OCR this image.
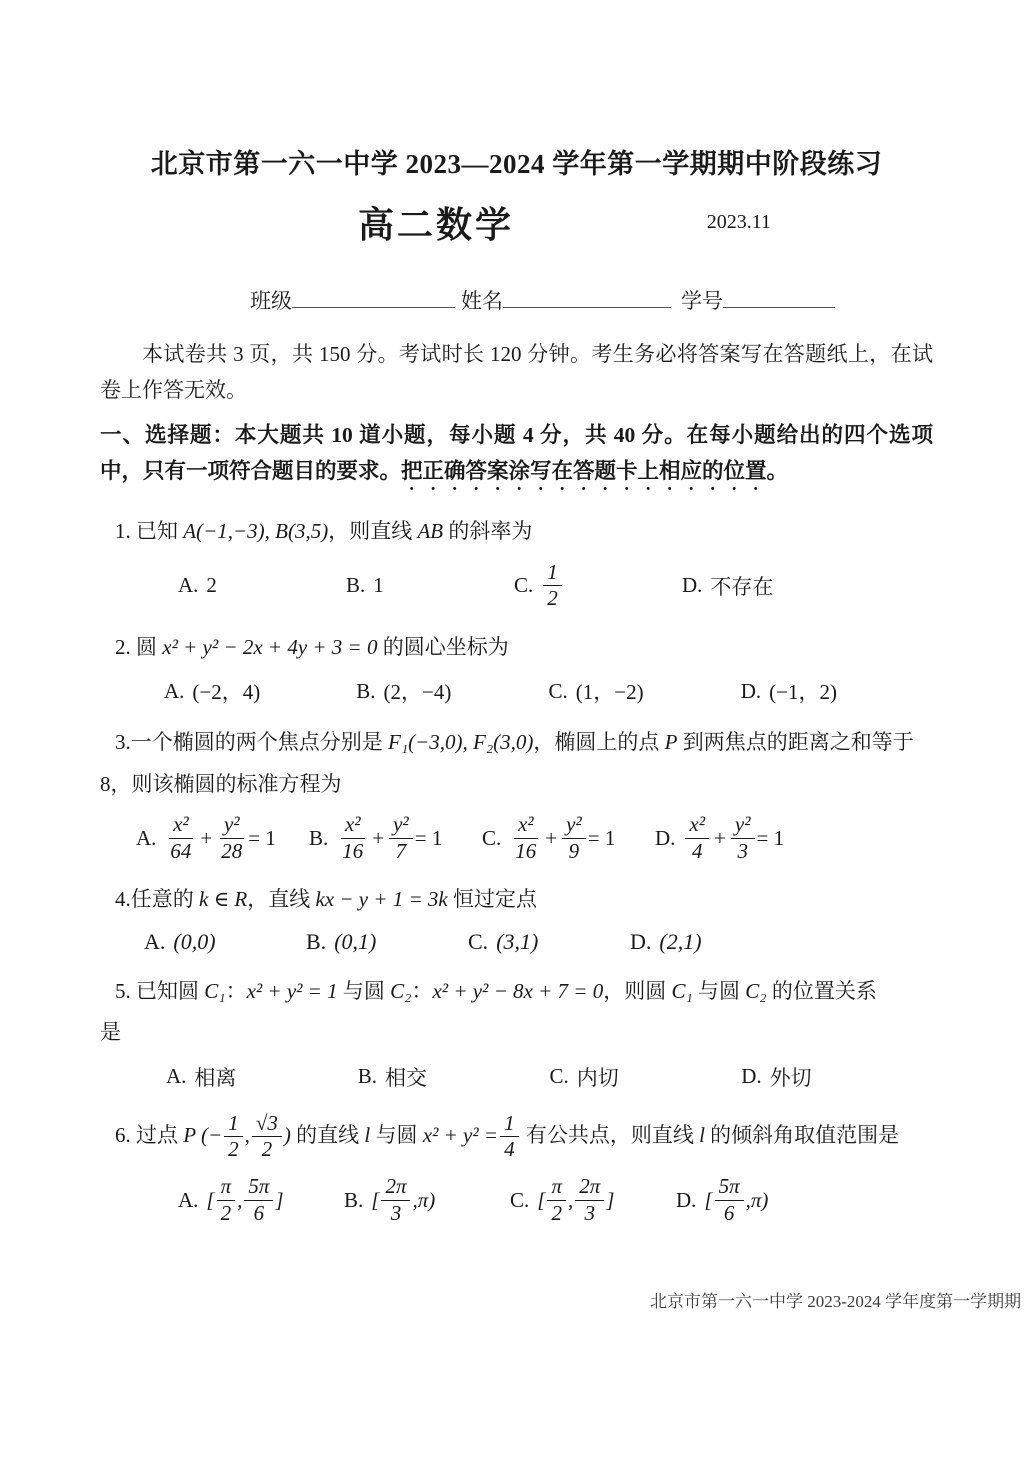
北京市第一六一中学 2023—2024 学年第一学期期中阶段练习
高二数学	2023.11
班级	姓名	学号

本试卷共 3 页，共 150 分。考试时长 120 分钟。考生务必将答案写在答题纸上，在试卷上作答无效。

一、选择题：本大题共 10 道小题，每小题 4 分，共 40 分。在每小题给出的四个选项中，只有一项符合题目的要求。把正确答案涂写在答题卡上相应的位置。

1. 已知 A(−1,−3), B(3,5)，则直线 AB 的斜率为

A. 2	B. 1	C. $\frac{1}{2}$	D. 不存在

2. 圆 x² + y² − 2x + 4y + 3 = 0 的圆心坐标为

A. (−2，4)	B. (2，−4)	C. (1，−2)	D. (−1，2)

3.一个椭圆的两个焦点分别是 F₁(−3,0), F₂(3,0)，椭圆上的点 P 到两焦点的距离之和等于

8，则该椭圆的标准方程为

A. $\frac{\text{x²}}{64} + \frac{\text{y²}}{28} = 1$ B. $\frac{\text{x²}}{16} + \frac{\text{y²}}{7} = 1$ C. $\frac{\text{x²}}{16} + \frac{\text{y²}}{9} = 1$ D. $\frac{\text{x²}}{4} + \frac{\text{y²}}{3} = 1$

4.任意的 k ∈ R，直线 kx − y + 1 = 3k 恒过定点

A. (0,0)	B. (0,1)	C. (3,1)	D. (2,1)

5. 已知圆 C₁：x² + y² = 1 与圆 C₂：x² + y² − 8x + 7 = 0，则圆 C₁ 与圆 C₂ 的位置关系

是

A. 相离	B. 相交	C. 内切	D. 外切

6. 过点 P (− $\frac{1}{2}$ , $\frac{√3}{2}$ ) 的直线 l 与圆 $x^2 + y^2 = \frac{1}{4}$ 有公共点，则直线 l 的倾斜角取值范围是

A. [ $\frac{\pi}{2}$ , $\frac{5\pi}{6}$ ]	B. [ $\frac{2\pi}{3}$ , π )	C. [ $\frac{\pi}{2}$ , $\frac{2\pi}{3}$ ]	D. [ $\frac{5\pi}{6}$ , π )
北京市第一六一中学 2023-2024 学年度第一学期期
